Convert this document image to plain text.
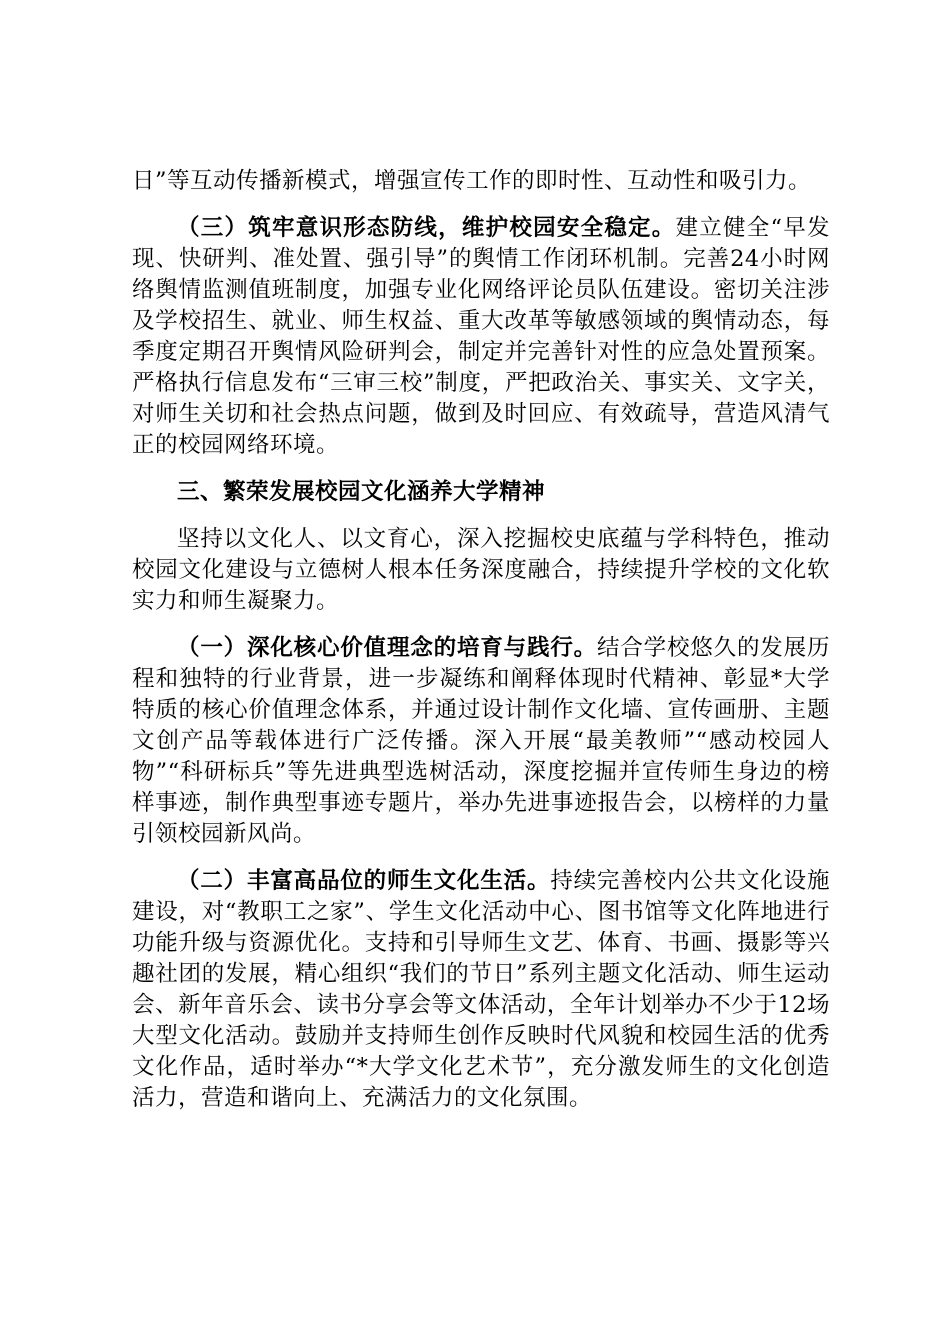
日”等互动传播新模式，增强宣传工作的即时性、互动性和吸引力。

（三）筑牢意识形态防线，维护校园安全稳定。建立健全“早发现、快研判、准处置、强引导”的舆情工作闭环机制。完善24小时网络舆情监测值班制度，加强专业化网络评论员队伍建设。密切关注涉及学校招生、就业、师生权益、重大改革等敏感领域的舆情动态，每季度定期召开舆情风险研判会，制定并完善针对性的应急处置预案。严格执行信息发布“三审三校”制度，严把政治关、事实关、文字关，对师生关切和社会热点问题，做到及时回应、有效疏导，营造风清气正的校园网络环境。

三、繁荣发展校园文化涵养大学精神

坚持以文化人、以文育心，深入挖掘校史底蕴与学科特色，推动校园文化建设与立德树人根本任务深度融合，持续提升学校的文化软实力和师生凝聚力。

（一）深化核心价值理念的培育与践行。结合学校悠久的发展历程和独特的行业背景，进一步凝练和阐释体现时代精神、彰显*大学特质的核心价值理念体系，并通过设计制作文化墙、宣传画册、主题文创产品等载体进行广泛传播。深入开展“最美教师”“感动校园人物”“科研标兵”等先进典型选树活动，深度挖掘并宣传师生身边的榜样事迹，制作典型事迹专题片，举办先进事迹报告会，以榜样的力量引领校园新风尚。

（二）丰富高品位的师生文化生活。持续完善校内公共文化设施建设，对“教职工之家”、学生文化活动中心、图书馆等文化阵地进行功能升级与资源优化。支持和引导师生文艺、体育、书画、摄影等兴趣社团的发展，精心组织“我们的节日”系列主题文化活动、师生运动会、新年音乐会、读书分享会等文体活动，全年计划举办不少于12场大型文化活动。鼓励并支持师生创作反映时代风貌和校园生活的优秀文化作品，适时举办“*大学文化艺术节”，充分激发师生的文化创造活力，营造和谐向上、充满活力的文化氛围。
